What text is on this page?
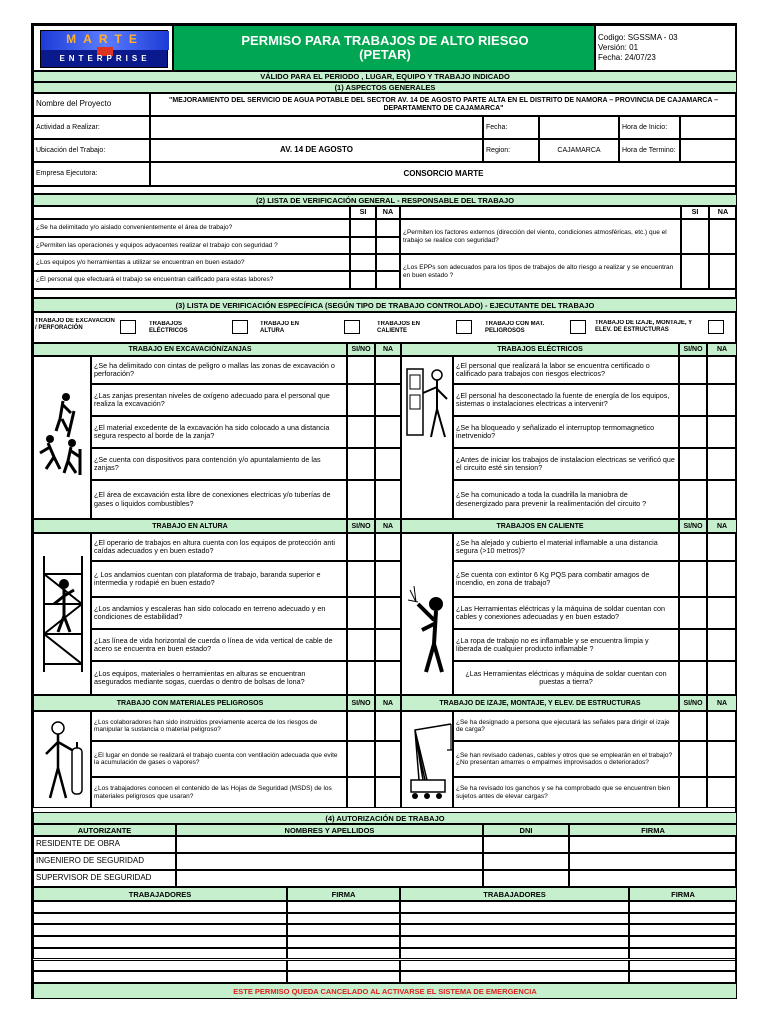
MARTE
ENTERPRISE
PERMISO PARA TRABAJOS DE ALTO RIESGO
(PETAR)
Codigo: SGSSMA - 03
Versión: 01
Fecha: 24/07/23
VÁLIDO PARA EL PERIODO , LUGAR, EQUIPO Y TRABAJO INDICADO
(1) ASPECTOS GENERALES
Nombre del Proyecto	"MEJORAMIENTO DEL SERVICIO DE AGUA POTABLE DEL SECTOR AV. 14 DE AGOSTO PARTE ALTA EN EL DISTRITO DE NAMORA – PROVINCIA DE CAJAMARCA – DEPARTAMENTO DE CAJAMARCA"
Actividad a Realizar:	Fecha:	Hora de Inicio:
Ubicación del Trabajo:	AV. 14 DE AGOSTO	Region:	CAJAMARCA	Hora de Termino:
Empresa Ejecutora:	CONSORCIO MARTE
(2) LISTA DE VERIFICACIÓN GENERAL - RESPONSABLE DEL TRABAJO
SI	NA	SI	NA
¿Se ha delimitado y/o aislado convenientemente el área de trabajo?
¿Permiten las operaciones y equipos adyacentes realizar el trabajo con seguridad ?
¿Los equipos y/o herramientas a utilizar se encuentran en buen estado?
¿El personal que efectuará el trabajo se encuentran calificado para estas labores?
¿Permiten los factores externos (dirección del viento, condiciones atmosféricas, etc.) que el trabajo se realice con seguridad?
¿Los EPPs son adecuados para los tipos de trabajos de alto riesgo a realizar y se encuentran en buen estado ?
(3) LISTA DE VERIFICACIÓN ESPECÍFICA (SEGÚN TIPO DE TRABAJO CONTROLADO) - EJECUTANTE DEL TRABAJO
TRABAJO DE EXCAVACIÓN / PERFORACIÓN
TRABAJOS ELÉCTRICOS
TRABAJO EN ALTURA
TRABAJOS EN CALIENTE
TRABAJO CON MAT. PELIGROSOS
TRABAJO DE IZAJE, MONTAJE, Y ELEV. DE ESTRUCTURAS
TRABAJO EN EXCAVACIÓN/ZANJAS	SI/NO	NA	TRABAJOS ELÉCTRICOS	SI/NO	NA
¿Se ha delimitado con cintas de peligro o mallas las zonas de excavación o perforación?
¿Las zanjas presentan niveles de oxígeno adecuado para el personal que realiza la excavación?
¿El material excedente de la excavación ha sido colocado a una distancia segura respecto al borde de la zanja?
¿Se cuenta con dispositivos para contención y/o apuntalamiento de las zanjas?
¿El área de excavación esta libre de conexiones electricas y/o tuberías de gases o liquidos combustibles?
¿El personal que realizará la labor se encuentra certificado o calificado para trabajos con riesgos electricos?
¿El personal ha desconectado la fuente de energía de los equipos, sistemas o instalaciones electricas a intervenir?
¿Se ha bloqueado y señalizado el interruptop termomagnetico inetrvenido?
¿Antes de iniciar los trabajos de instalacion electricas se verificó que el circuito esté sin tension?
¿Se ha comunicado a toda la cuadrilla la maniobra de desenergizado para prevenir la realimentación del circuito ?
TRABAJO EN ALTURA	SI/NO	NA	TRABAJOS EN CALIENTE	SI/NO	NA
¿El operario de trabajos en altura cuenta con los equipos de protección anti caídas adecuados y en buen estado?
¿ Los andamios cuentan con plataforma de trabajo, baranda superior e intermedia y rodapié en buen estado?
¿Los andamios y escaleras han sido colocado en terreno adecuado y en condiciones de estabilidad?
¿Las línea de vida horizontal de cuerda o línea de vida vertical de cable de acero se encuentra en buen estado?
¿Los equipos, materiales o herramientas en alturas se encuentran asegurados mediante sogas, cuerdas o dentro de bolsas de lona?
¿Se ha alejado y cubierto el material inflamable a una distancia segura (>10 metros)?
¿Se cuenta con extintor 6 Kg PQS para combatir amagos de incendio, en zona de trabajo?
¿Las Herramientas eléctricas y la máquina de soldar cuentan con cables y conexiones adecuadas y en buen estado?
¿La ropa de trabajo no es inflamable y se encuentra limpia y liberada de cualquier producto inflamable ?
¿Las Herramientas eléctricas y máquina de soldar cuentan con puestas a tierra?
TRABAJO CON MATERIALES PELIGROSOS	SI/NO	NA	TRABAJO DE IZAJE, MONTAJE, Y ELEV. DE ESTRUCTURAS	SI/NO	NA
¿Los colaboradores han sido instruidos previamente acerca de los riesgos de manipular la sustancia o material peligroso?
¿El lugar en donde se realizará el trabajo cuenta con ventilación adecuada que evite la acumulación de gases o vapores?
¿Los trabajadores conocen el contenido de las Hojas de Seguridad (MSDS) de los materiales peligrosos que usaran?
¿Se ha designado a persona que ejecutará las señales para dirigir el izaje de carga?
¿Se han revisado cadenas, cables y otros que se emplearán en el trabajo? ¿No presentan amarres o empalmes improvisados o deteriorados?
¿Se ha revisado los ganchos y se ha comprobado que se encuentren bien sujetos antes de elevar cargas?
(4) AUTORIZACIÓN DE TRABAJO
AUTORIZANTE	NOMBRES Y APELLIDOS	DNI	FIRMA
RESIDENTE DE OBRA
INGENIERO DE SEGURIDAD
SUPERVISOR DE SEGURIDAD
TRABAJADORES	FIRMA	TRABAJADORES	FIRMA
ESTE PERMISO QUEDA CANCELADO AL ACTIVARSE EL SISTEMA DE EMERGENCIA
